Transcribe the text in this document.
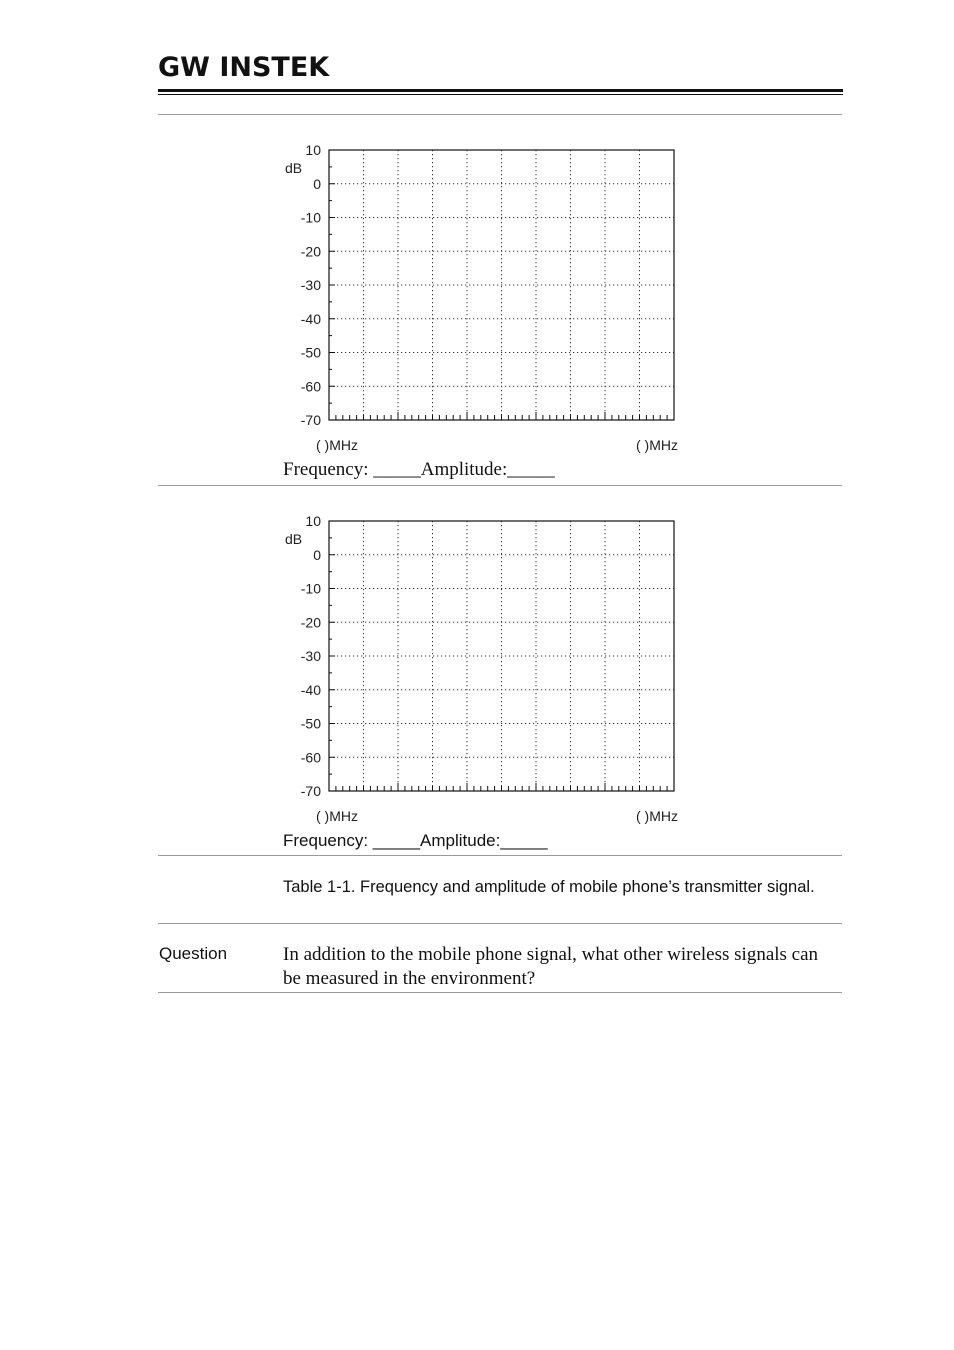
GW INSTEK
10
0
-10
-20
-30
-40
-50
-60
-70
dB
( )MHz	( )MHz
Frequency: _____Amplitude:_____
10
0
-10
-20
-30
-40
-50
-60
-70
dB
( )MHz	( )MHz
Frequency: _____Amplitude:_____
Table 1-1. Frequency and amplitude of mobile phone’s transmitter signal.
Question	In addition to the mobile phone signal, what other wireless signals can be measured in the environment?
